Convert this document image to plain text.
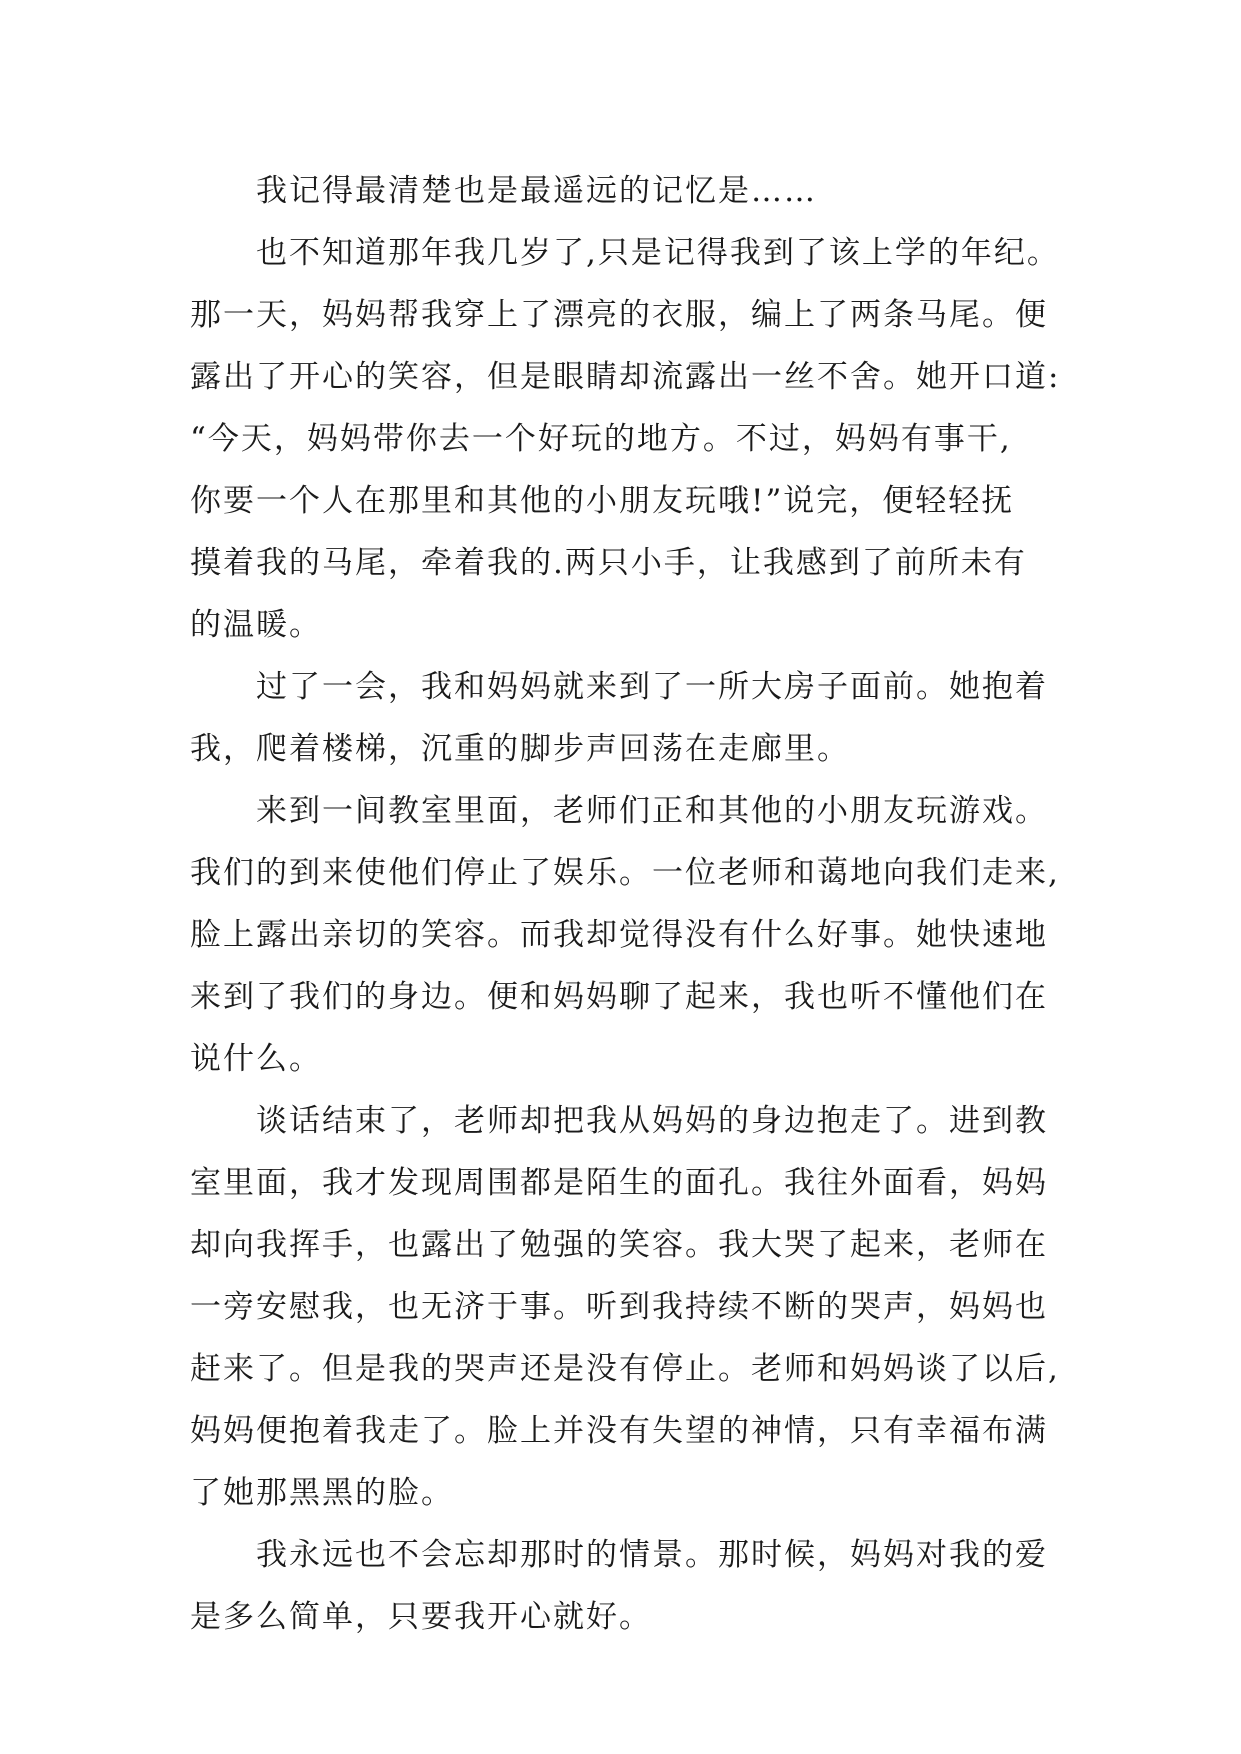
我记得最清楚也是最遥远的记忆是……
也不知道那年我几岁了,只是记得我到了该上学的年纪。
那一天，妈妈帮我穿上了漂亮的衣服，编上了两条马尾。便
露出了开心的笑容，但是眼睛却流露出一丝不舍。她开口道:
“今天，妈妈带你去一个好玩的地方。不过，妈妈有事干,
你要一个人在那里和其他的小朋友玩哦!”说完，便轻轻抚
摸着我的马尾，牵着我的.两只小手，让我感到了前所未有
的温暖。
过了一会，我和妈妈就来到了一所大房子面前。她抱着
我，爬着楼梯，沉重的脚步声回荡在走廊里。
来到一间教室里面，老师们正和其他的小朋友玩游戏。
我们的到来使他们停止了娱乐。一位老师和蔼地向我们走来,
脸上露出亲切的笑容。而我却觉得没有什么好事。她快速地
来到了我们的身边。便和妈妈聊了起来，我也听不懂他们在
说什么。
谈话结束了，老师却把我从妈妈的身边抱走了。进到教
室里面，我才发现周围都是陌生的面孔。我往外面看，妈妈
却向我挥手，也露出了勉强的笑容。我大哭了起来，老师在
一旁安慰我，也无济于事。听到我持续不断的哭声，妈妈也
赶来了。但是我的哭声还是没有停止。老师和妈妈谈了以后,
妈妈便抱着我走了。脸上并没有失望的神情，只有幸福布满
了她那黑黑的脸。
我永远也不会忘却那时的情景。那时候，妈妈对我的爱
是多么简单，只要我开心就好。
